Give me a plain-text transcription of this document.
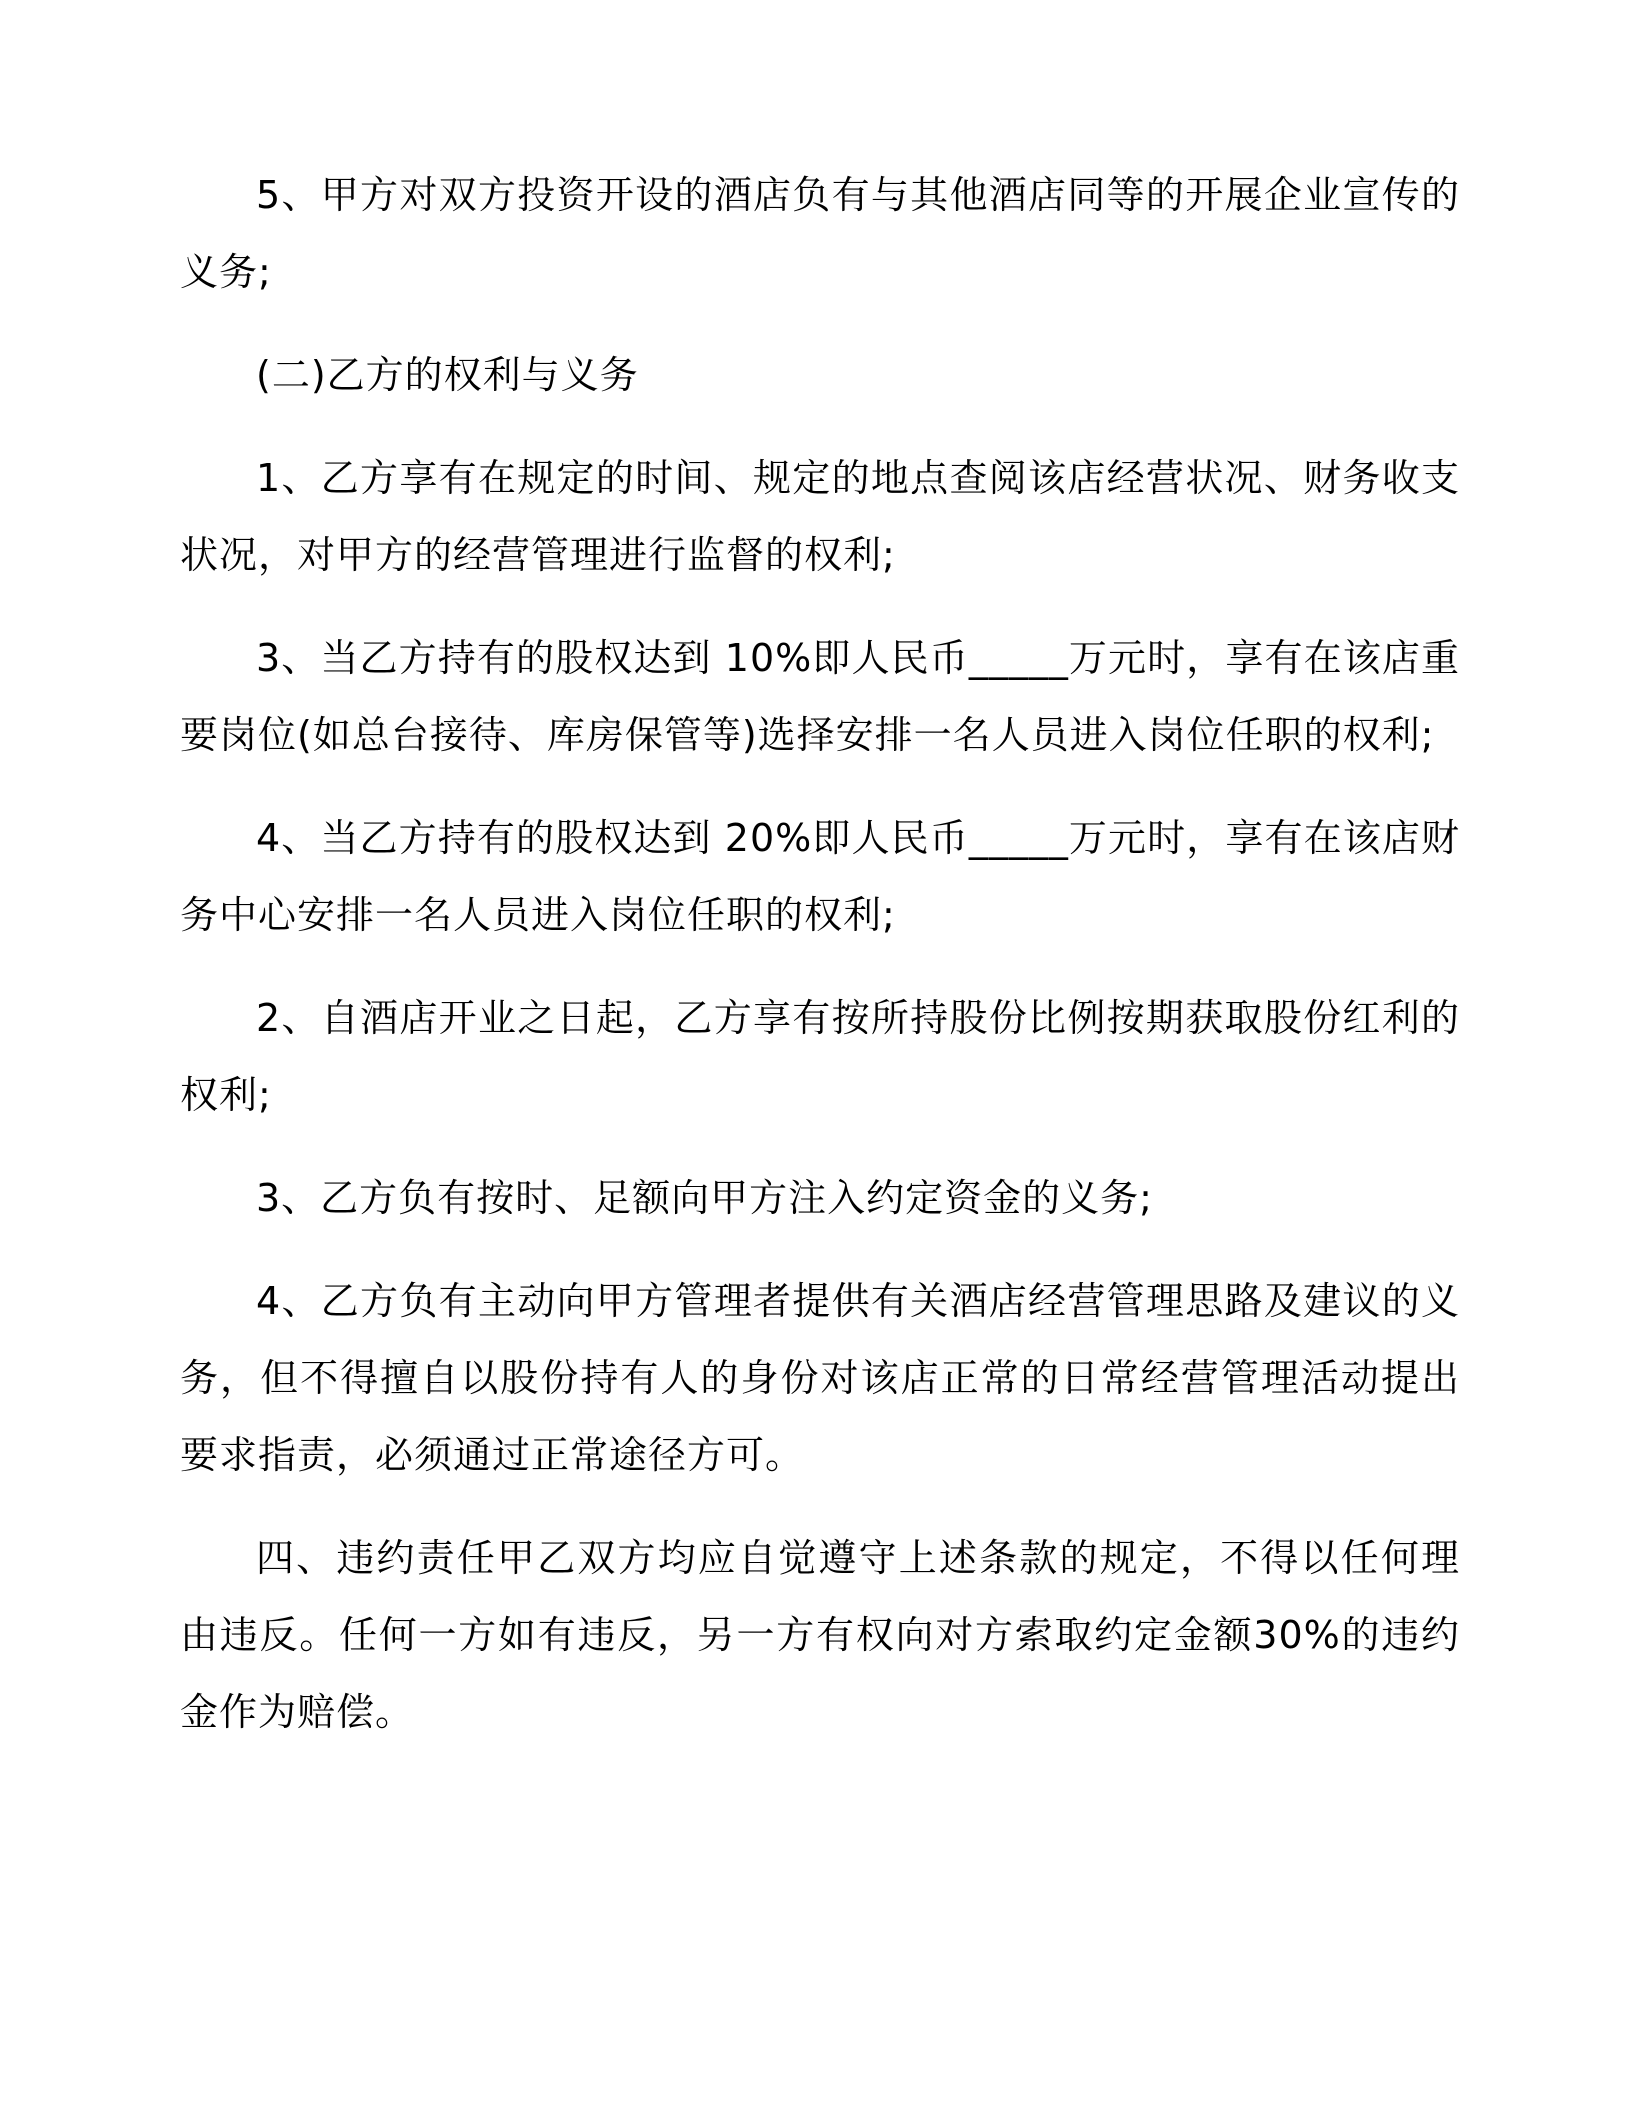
5、甲方对双方投资开设的酒店负有与其他酒店同等的开展企业宣传的义务;

(二)乙方的权利与义务

1、乙方享有在规定的时间、规定的地点查阅该店经营状况、财务收支状况，对甲方的经营管理进行监督的权利;

3、当乙方持有的股权达到 10%即人民币_____万元时，享有在该店重要岗位(如总台接待、库房保管等)选择安排一名人员进入岗位任职的权利;

4、当乙方持有的股权达到 20%即人民币_____万元时，享有在该店财务中心安排一名人员进入岗位任职的权利;

2、自酒店开业之日起，乙方享有按所持股份比例按期获取股份红利的权利;

3、乙方负有按时、足额向甲方注入约定资金的义务;

4、乙方负有主动向甲方管理者提供有关酒店经营管理思路及建议的义务，但不得擅自以股份持有人的身份对该店正常的日常经营管理活动提出要求指责，必须通过正常途径方可。

四、违约责任甲乙双方均应自觉遵守上述条款的规定，不得以任何理由违反。任何一方如有违反，另一方有权向对方索取约定金额30%的违约金作为赔偿。
